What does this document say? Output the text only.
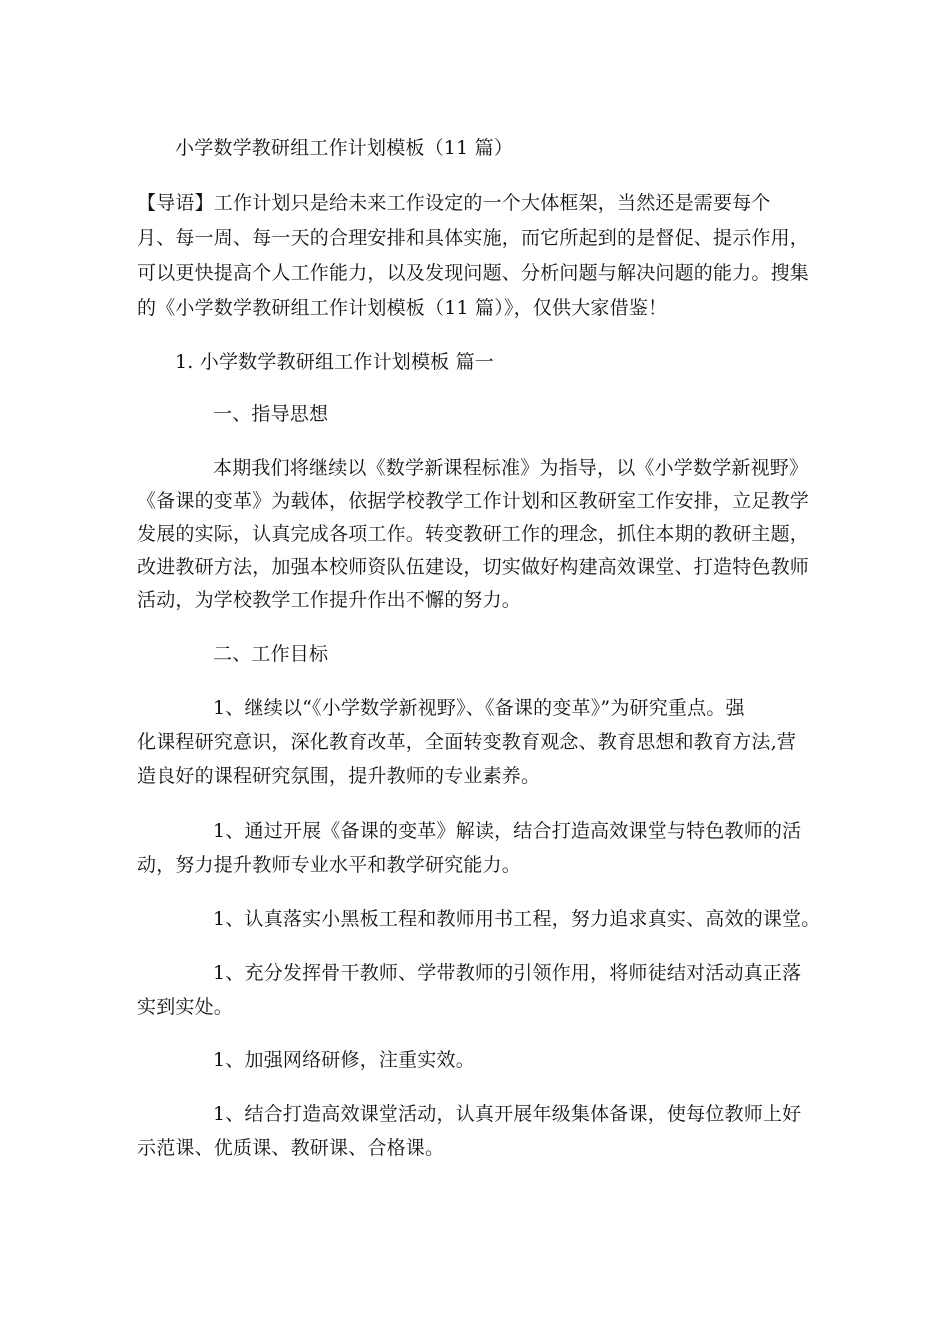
小学数学教研组工作计划模板（11 篇）
【导语】工作计划只是给未来工作设定的一个大体框架，当然还是需要每个
月、每一周、每一天的合理安排和具体实施，而它所起到的是督促、提示作用，
可以更快提高个人工作能力，以及发现问题、分析问题与解决问题的能力。搜集
的《小学数学教研组工作计划模板（11 篇）》，仅供大家借鉴！
1. 小学数学教研组工作计划模板 篇一
一、指导思想
本期我们将继续以《数学新课程标准》为指导，以《小学数学新视野》
《备课的变革》为载体，依据学校教学工作计划和区教研室工作安排，立足教学
发展的实际，认真完成各项工作。转变教研工作的理念，抓住本期的教研主题，
改进教研方法，加强本校师资队伍建设，切实做好构建高效课堂、打造特色教师
活动，为学校教学工作提升作出不懈的努力。
二、工作目标
1、继续以“《小学数学新视野》、《备课的变革》”为研究重点。强
化课程研究意识，深化教育改革，全面转变教育观念、教育思想和教育方法,营
造良好的课程研究氛围，提升教师的专业素养。
1、通过开展《备课的变革》解读，结合打造高效课堂与特色教师的活
动，努力提升教师专业水平和教学研究能力。
1、认真落实小黑板工程和教师用书工程，努力追求真实、高效的课堂。
1、充分发挥骨干教师、学带教师的引领作用，将师徒结对活动真正落
实到实处。
1、加强网络研修，注重实效。
1、结合打造高效课堂活动，认真开展年级集体备课，使每位教师上好
示范课、优质课、教研课、合格课。
